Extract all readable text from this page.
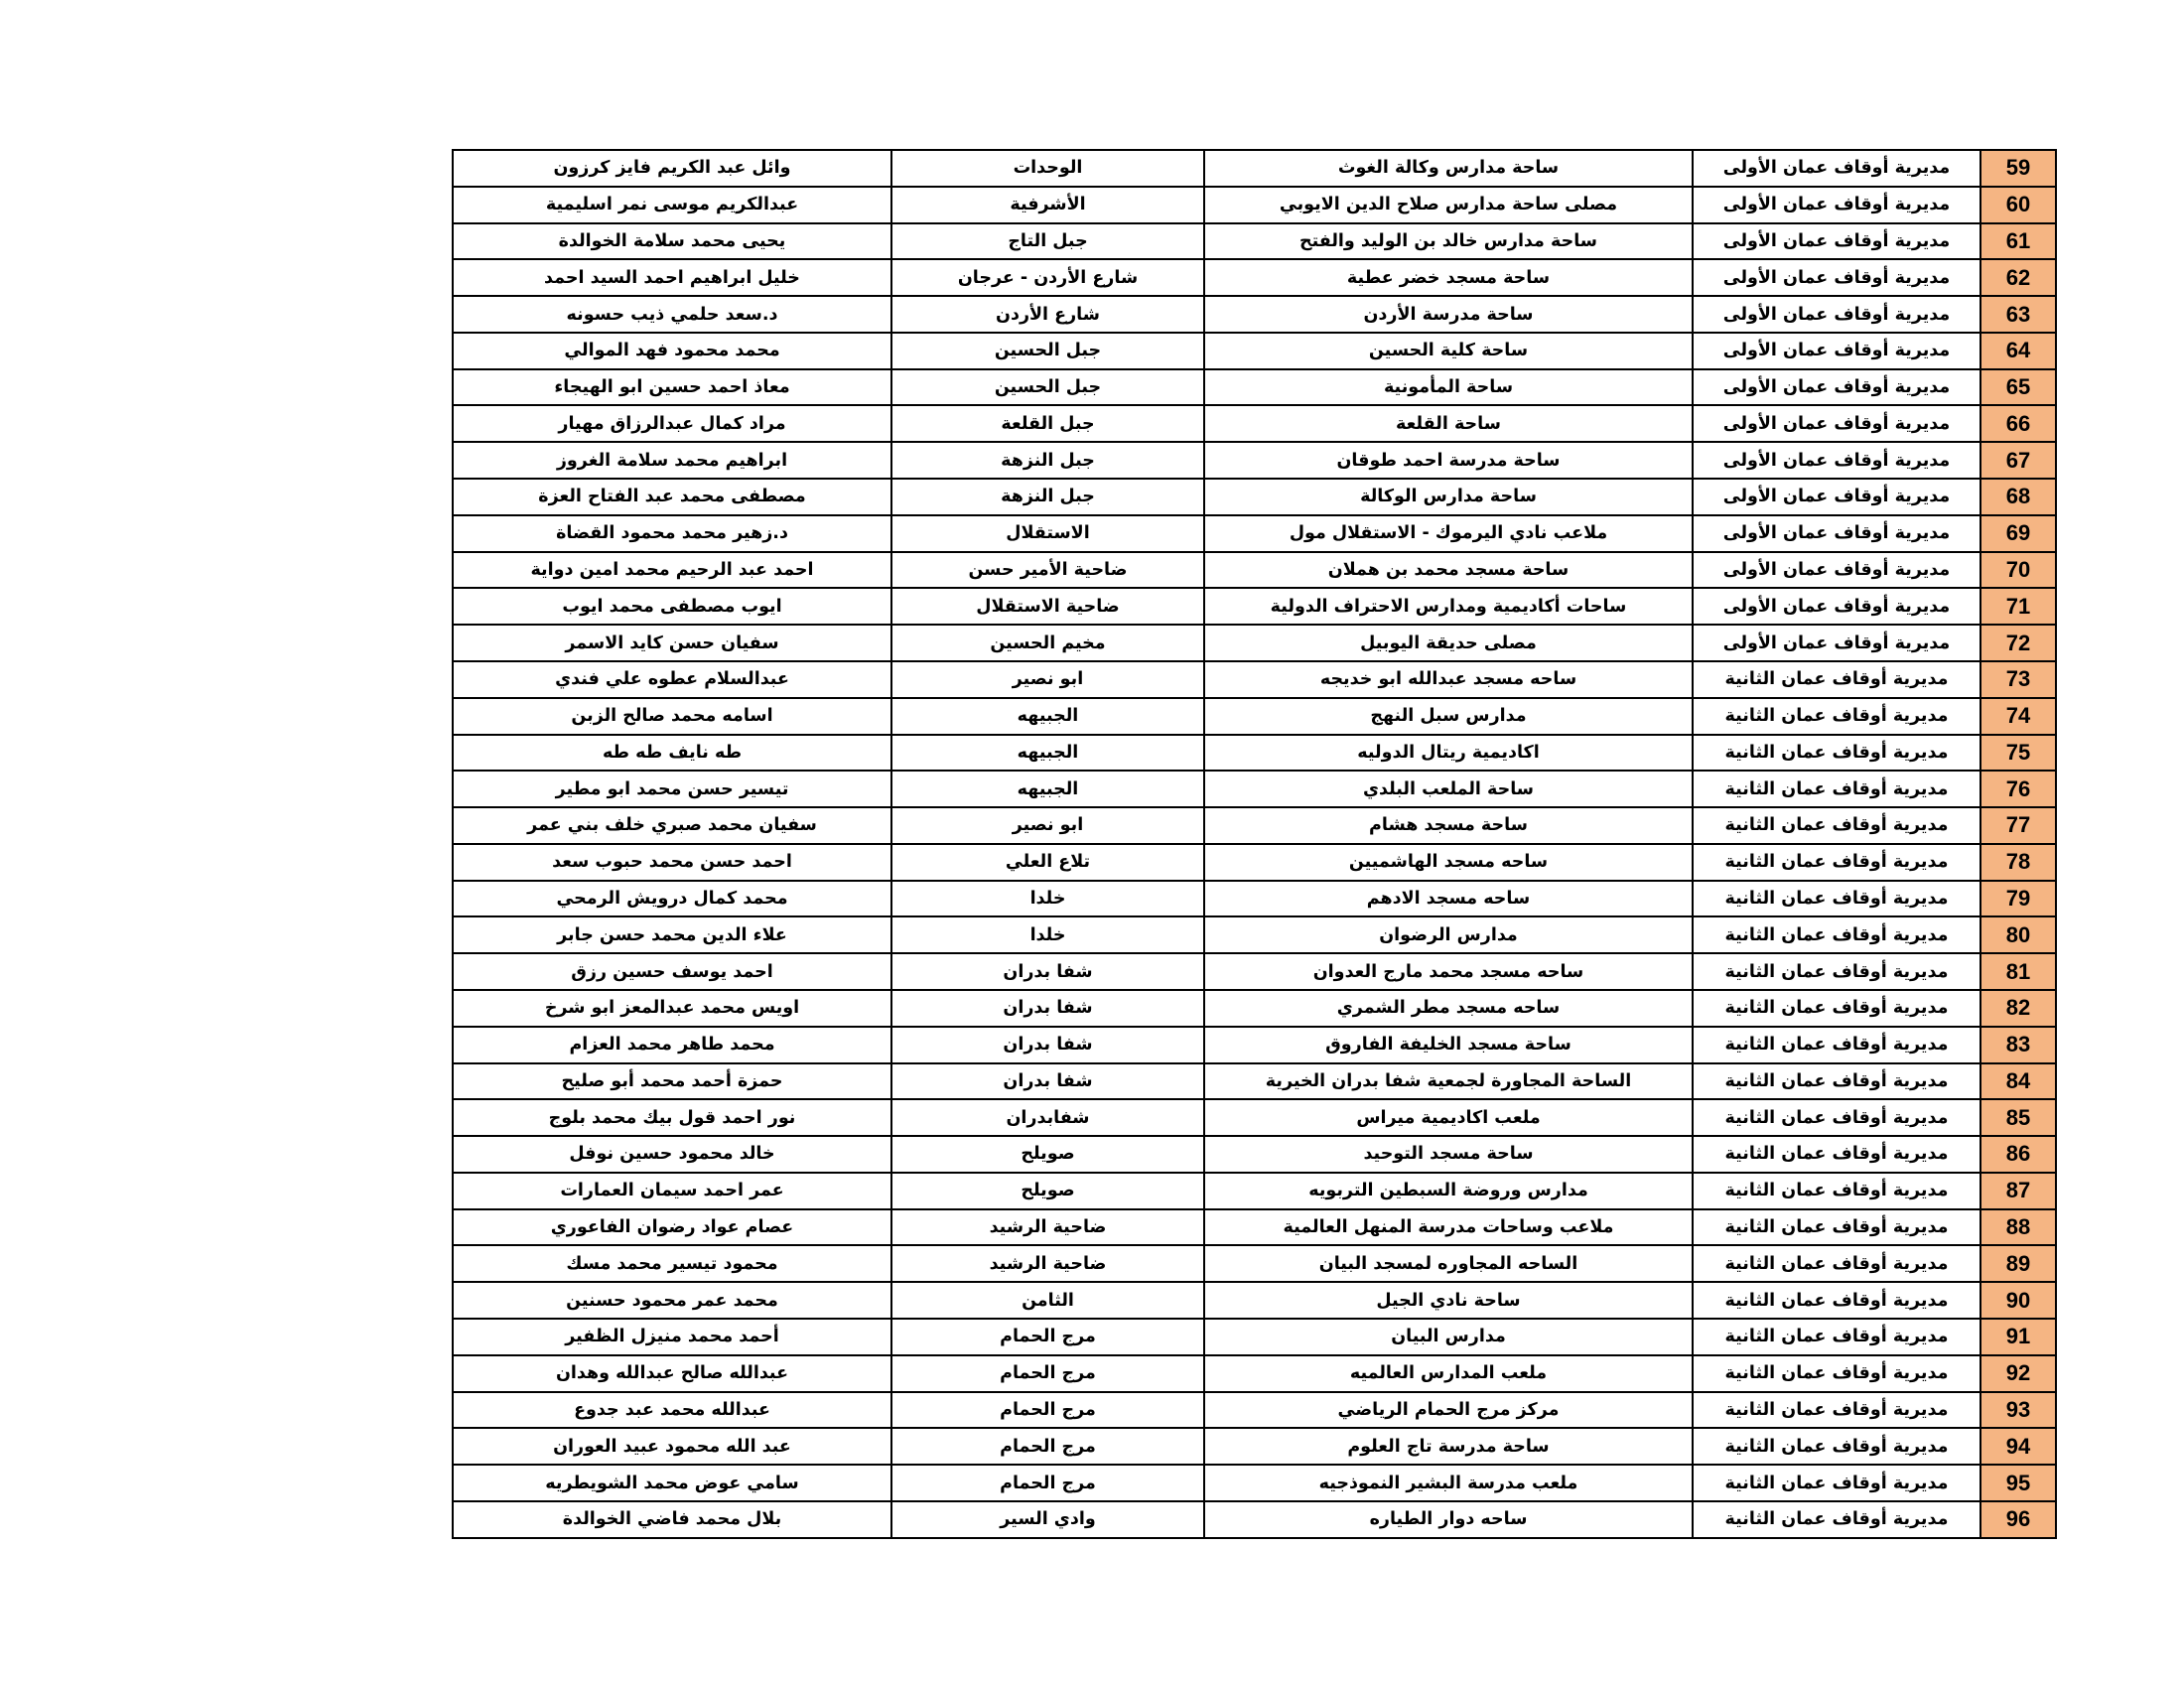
59	مديرية أوقاف عمان الأولى	ساحة مدارس وكالة الغوث	الوحدات	وائل عبد الكريم فايز كرزون
60	مديرية أوقاف عمان الأولى	مصلى ساحة مدارس صلاح الدين الايوبي	الأشرفية	عبدالكريم موسى نمر اسليمية
61	مديرية أوقاف عمان الأولى	ساحة مدارس خالد بن الوليد والفتح	جبل التاج	يحيى محمد سلامة الخوالدة
62	مديرية أوقاف عمان الأولى	ساحة مسجد خضر عطية	شارع الأردن - عرجان	خليل ابراهيم احمد السيد احمد
63	مديرية أوقاف عمان الأولى	ساحة مدرسة الأردن	شارع الأردن	د.سعد حلمي ذيب حسونه
64	مديرية أوقاف عمان الأولى	ساحة كلية الحسين	جبل الحسين	محمد محمود فهد الموالي
65	مديرية أوقاف عمان الأولى	ساحة المأمونية	جبل الحسين	معاذ احمد حسين ابو الهيجاء
66	مديرية أوقاف عمان الأولى	ساحة القلعة	جبل القلعة	مراد كمال عبدالرزاق مهيار
67	مديرية أوقاف عمان الأولى	ساحة مدرسة احمد طوقان	جبل النزهة	ابراهيم محمد سلامة الغروز
68	مديرية أوقاف عمان الأولى	ساحة مدارس الوكالة	جبل النزهة	مصطفى محمد عبد الفتاح العزة
69	مديرية أوقاف عمان الأولى	ملاعب نادي اليرموك - الاستقلال مول	الاستقلال	د.زهير محمد محمود القضاة
70	مديرية أوقاف عمان الأولى	ساحة مسجد محمد بن هملان	ضاحية الأمير حسن	احمد عبد الرحيم محمد امين دواية
71	مديرية أوقاف عمان الأولى	ساحات أكاديمية ومدارس الاحتراف الدولية	ضاحية الاستقلال	ايوب مصطفى محمد ايوب
72	مديرية أوقاف عمان الأولى	مصلى حديقة اليوبيل	مخيم الحسين	سفيان حسن كايد الاسمر
73	مديرية أوقاف عمان الثانية	ساحه مسجد عبدالله ابو خديجه	ابو نصير	عبدالسلام عطوه علي فندي
74	مديرية أوقاف عمان الثانية	مدارس سبل النهج	الجبيهه	اسامه محمد صالح الزبن
75	مديرية أوقاف عمان الثانية	اكاديمية ريتال الدوليه	الجبيهه	طه نايف طه طه
76	مديرية أوقاف عمان الثانية	ساحة الملعب البلدي	الجبيهه	تيسير حسن محمد ابو مطير
77	مديرية أوقاف عمان الثانية	ساحة مسجد هشام	ابو نصير	سفيان محمد صبري خلف بني عمر
78	مديرية أوقاف عمان الثانية	ساحه مسجد الهاشميين	تلاع العلي	احمد حسن محمد حبوب سعد
79	مديرية أوقاف عمان الثانية	ساحه مسجد الادهم	خلدا	محمد كمال درويش الرمحي
80	مديرية أوقاف عمان الثانية	مدارس الرضوان	خلدا	علاء الدين محمد حسن جابر
81	مديرية أوقاف عمان الثانية	ساحه مسجد محمد مارج العدوان	شفا بدران	احمد يوسف حسين رزق
82	مديرية أوقاف عمان الثانية	ساحه مسجد مطر الشمري	شفا بدران	اويس محمد عبدالمعز ابو شرخ
83	مديرية أوقاف عمان الثانية	ساحة مسجد الخليفة الفاروق	شفا بدران	محمد طاهر محمد العزام
84	مديرية أوقاف عمان الثانية	الساحة المجاورة لجمعية شفا بدران الخيرية	شفا بدران	حمزة أحمد محمد أبو صليح
85	مديرية أوقاف عمان الثانية	ملعب اكاديمية ميراس	شفابدران	نور احمد قول بيك محمد بلوج
86	مديرية أوقاف عمان الثانية	ساحة مسجد التوحيد	صويلح	خالد محمود حسين نوفل
87	مديرية أوقاف عمان الثانية	مدارس وروضة السبطين التربويه	صويلح	عمر احمد سيمان العمارات
88	مديرية أوقاف عمان الثانية	ملاعب وساحات مدرسة المنهل العالمية	ضاحية الرشيد	عصام عواد رضوان الفاعوري
89	مديرية أوقاف عمان الثانية	الساحه المجاوره لمسجد البيان	ضاحية الرشيد	محمود تيسير محمد مسك
90	مديرية أوقاف عمان الثانية	ساحة نادي الجيل	الثامن	محمد عمر محمود حسنين
91	مديرية أوقاف عمان الثانية	مدارس البيان	مرج الحمام	أحمد محمد منيزل الظفير
92	مديرية أوقاف عمان الثانية	ملعب المدارس العالميه	مرج الحمام	عبدالله صالح عبدالله وهدان
93	مديرية أوقاف عمان الثانية	مركز مرج الحمام الرياضي	مرج الحمام	عبدالله محمد عبد جدوع
94	مديرية أوقاف عمان الثانية	ساحة مدرسة تاج العلوم	مرج الحمام	عبد الله محمود عبيد العوران
95	مديرية أوقاف عمان الثانية	ملعب مدرسة البشير النموذجيه	مرج الحمام	سامي عوض محمد الشويطريه
96	مديرية أوقاف عمان الثانية	ساحه دوار الطياره	وادي السير	بلال محمد فاضي الخوالدة
